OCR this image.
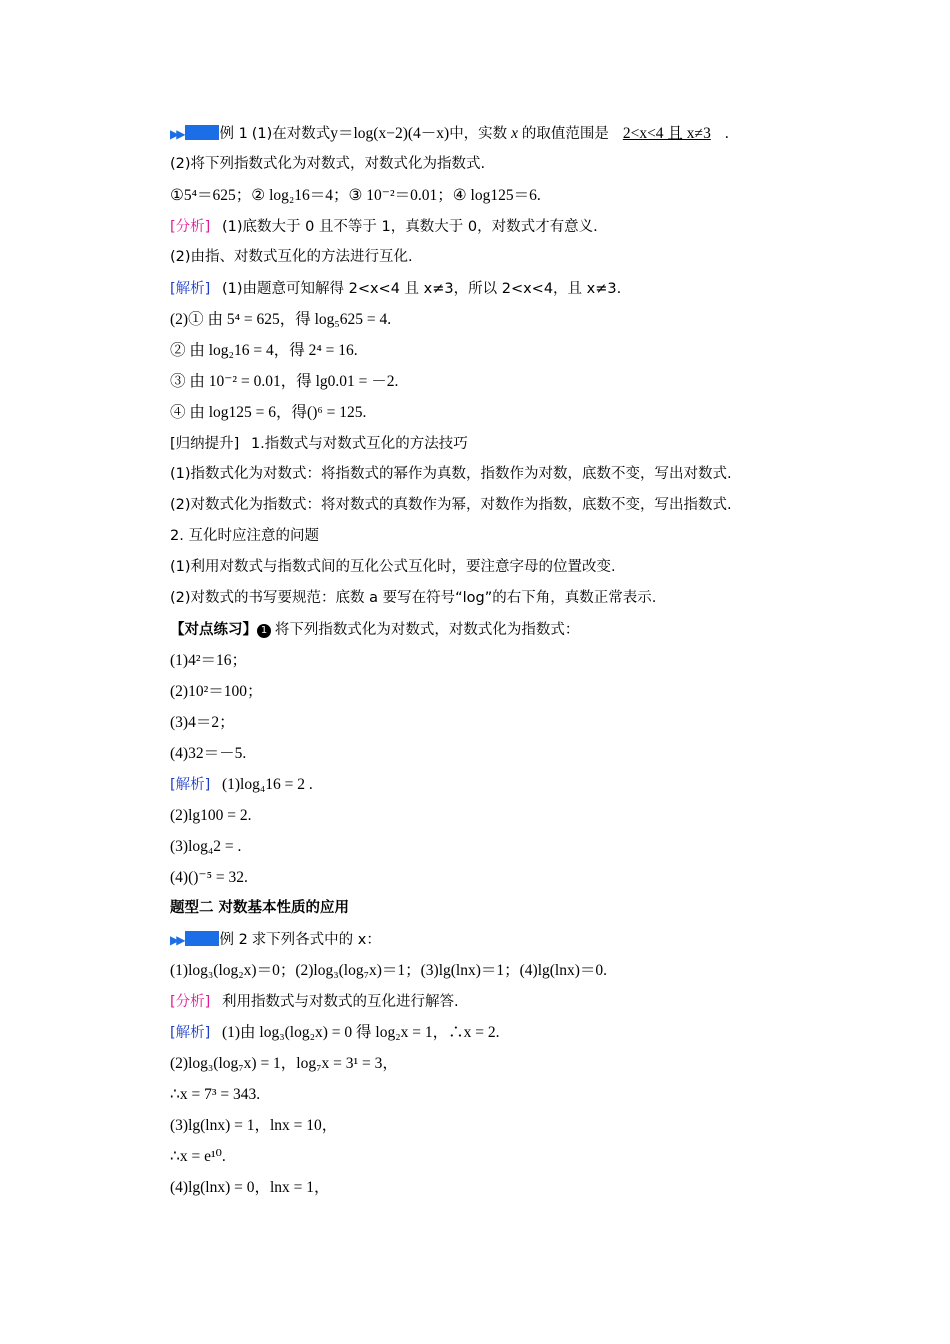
▶▶	例 1 (1)在对数式y＝log(x−2)(4－x)中，实数 x 的取值范围是 2<x<4 且 x≠3 .
(2)将下列指数式化为对数式，对数式化为指数式.
①5⁴＝625；② log₂16＝4；③ 10⁻²＝0.01；④ log125＝6.
[分析] (1)底数大于 0 且不等于 1，真数大于 0，对数式才有意义.
(2)由指、对数式互化的方法进行互化.
[解析] (1)由题意可知解得 2<x<4 且 x≠3，所以 2<x<4，且 x≠3.
(2)① 由 5⁴ = 625，得 log₅625 = 4.
② 由 log₂16 = 4，得 2⁴ = 16.
③ 由 10⁻² = 0.01，得 lg0.01 = －2.
④ 由 log125 = 6，得()⁶ = 125.
[归纳提升] 1.指数式与对数式互化的方法技巧
(1)指数式化为对数式：将指数式的幂作为真数，指数作为对数，底数不变，写出对数式.
(2)对数式化为指数式：将对数式的真数作为幂，对数作为指数，底数不变，写出指数式.
2. 互化时应注意的问题
(1)利用对数式与指数式间的互化公式互化时，要注意字母的位置改变.
(2)对数式的书写要规范：底数 a 要写在符号“log”的右下角，真数正常表示.
【对点练习】 1 将下列指数式化为对数式，对数式化为指数式：
(1)4²＝16；
(2)10²＝100；
(3)4＝2；
(4)32＝－5.
[解析] (1)log₄16 = 2 .
(2)lg100 = 2.
(3)log₄2 = .
(4)()⁻⁵ = 32.
题型二 对数基本性质的应用
▶▶	例 2 求下列各式中的 x：
(1)log₃(log₂x)＝0；(2)log₃(log₇x)＝1；(3)lg(lnx)＝1；(4)lg(lnx)＝0.
[分析] 利用指数式与对数式的互化进行解答.
[解析] (1)由 log₃(log₂x) = 0 得 log₂x = 1，∴x = 2.
(2)log₃(log₇x) = 1，log₇x = 3¹ = 3，
∴x = 7³ = 343.
(3)lg(lnx) = 1，lnx = 10，
∴x = e¹⁰.
(4)lg(lnx) = 0，lnx = 1，
